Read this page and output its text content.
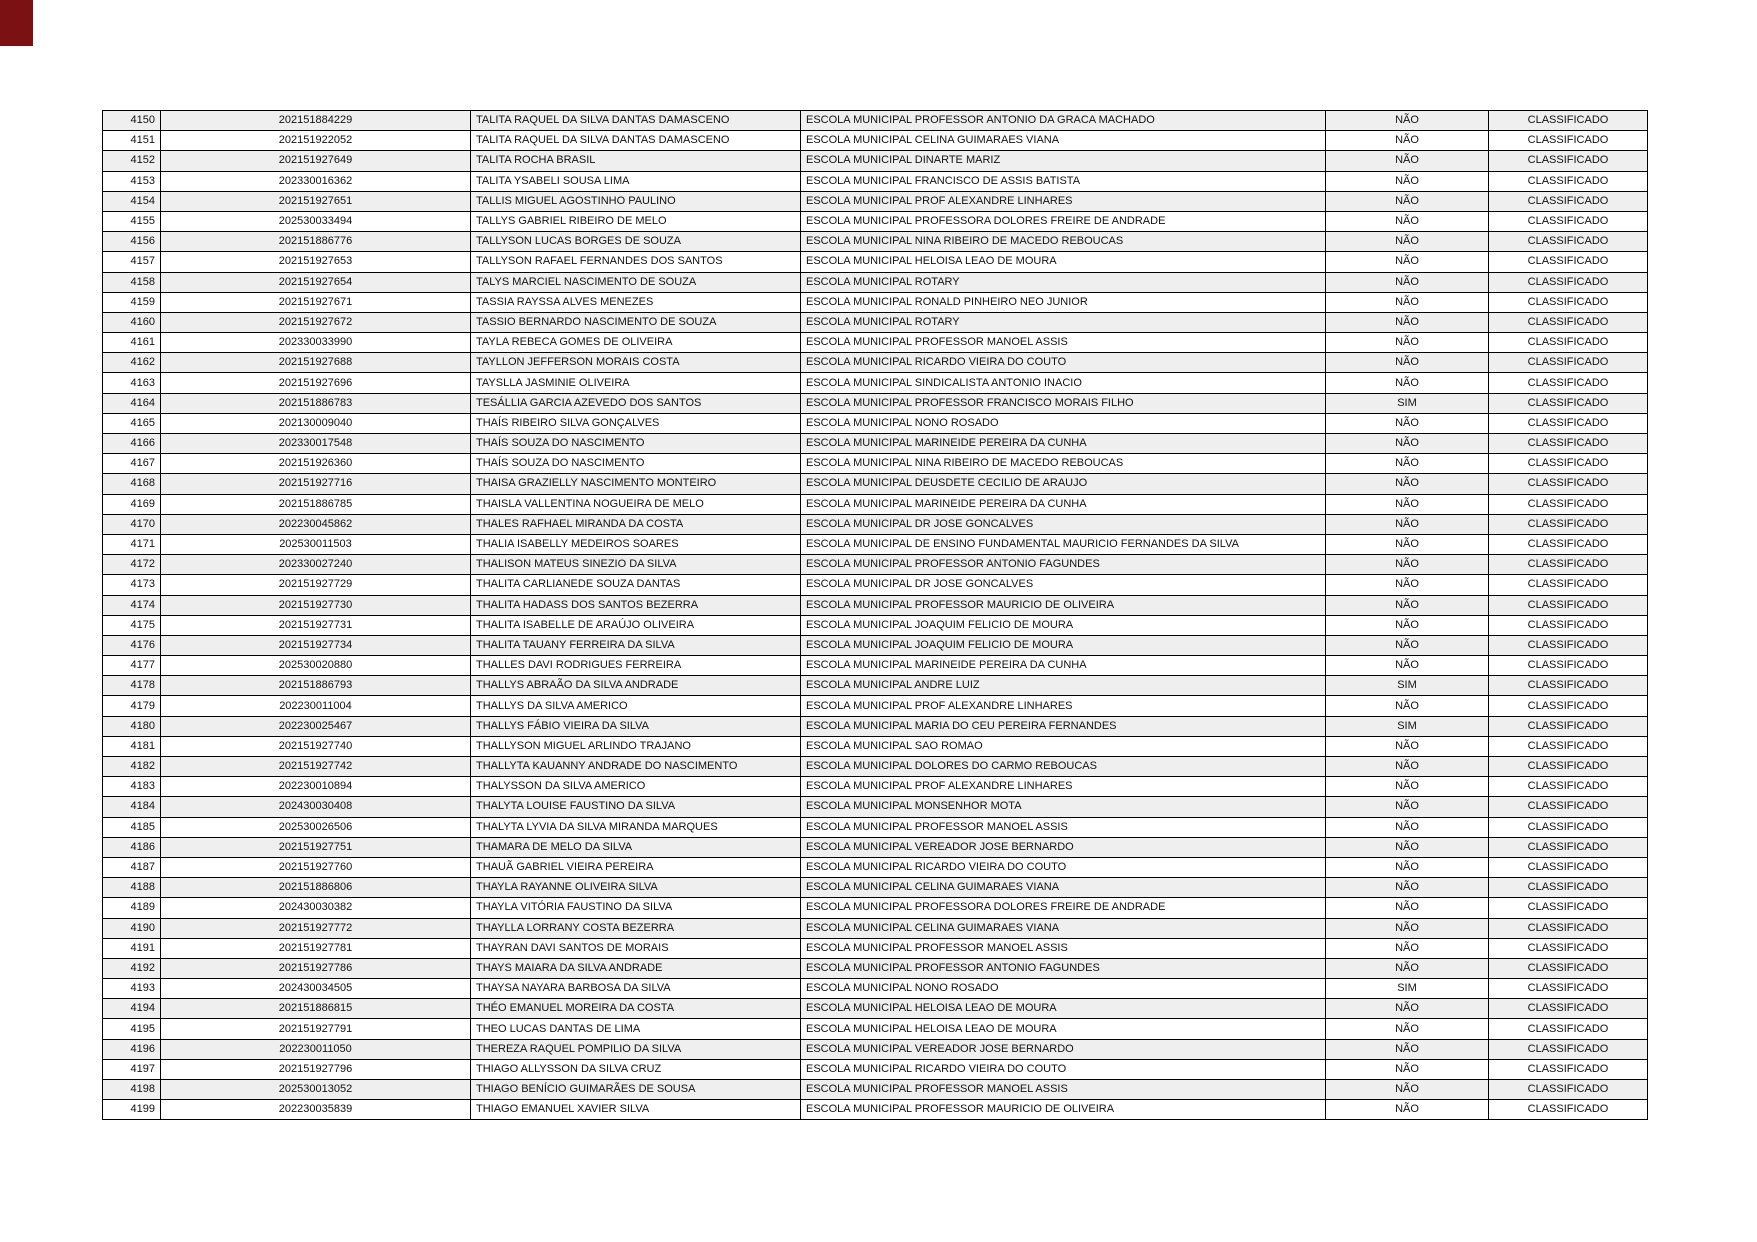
4150	202151884229	TALITA RAQUEL DA SILVA DANTAS DAMASCENO	ESCOLA MUNICIPAL PROFESSOR ANTONIO DA GRACA MACHADO	NÃO	CLASSIFICADO
4151	202151922052	TALITA RAQUEL DA SILVA DANTAS DAMASCENO	ESCOLA MUNICIPAL CELINA GUIMARAES VIANA	NÃO	CLASSIFICADO
4152	202151927649	TALITA ROCHA BRASIL	ESCOLA MUNICIPAL DINARTE MARIZ	NÃO	CLASSIFICADO
4153	202330016362	TALITA YSABELI SOUSA LIMA	ESCOLA MUNICIPAL FRANCISCO DE ASSIS BATISTA	NÃO	CLASSIFICADO
4154	202151927651	TALLIS MIGUEL AGOSTINHO PAULINO	ESCOLA MUNICIPAL PROF ALEXANDRE LINHARES	NÃO	CLASSIFICADO
4155	202530033494	TALLYS GABRIEL RIBEIRO DE MELO	ESCOLA MUNICIPAL PROFESSORA DOLORES FREIRE DE ANDRADE	NÃO	CLASSIFICADO
4156	202151886776	TALLYSON LUCAS BORGES DE SOUZA	ESCOLA MUNICIPAL NINA RIBEIRO DE MACEDO REBOUCAS	NÃO	CLASSIFICADO
4157	202151927653	TALLYSON RAFAEL FERNANDES DOS SANTOS	ESCOLA MUNICIPAL HELOISA LEAO DE MOURA	NÃO	CLASSIFICADO
4158	202151927654	TALYS MARCIEL NASCIMENTO DE SOUZA	ESCOLA MUNICIPAL ROTARY	NÃO	CLASSIFICADO
4159	202151927671	TASSIA RAYSSA ALVES MENEZES	ESCOLA MUNICIPAL RONALD PINHEIRO NEO JUNIOR	NÃO	CLASSIFICADO
4160	202151927672	TASSIO BERNARDO NASCIMENTO DE SOUZA	ESCOLA MUNICIPAL ROTARY	NÃO	CLASSIFICADO
4161	202330033990	TAYLA REBECA GOMES DE OLIVEIRA	ESCOLA MUNICIPAL PROFESSOR MANOEL ASSIS	NÃO	CLASSIFICADO
4162	202151927688	TAYLLON JEFFERSON MORAIS COSTA	ESCOLA MUNICIPAL RICARDO VIEIRA DO COUTO	NÃO	CLASSIFICADO
4163	202151927696	TAYSLLA JASMINIE OLIVEIRA	ESCOLA MUNICIPAL SINDICALISTA ANTONIO INACIO	NÃO	CLASSIFICADO
4164	202151886783	TESÁLLIA GARCIA AZEVEDO DOS SANTOS	ESCOLA MUNICIPAL PROFESSOR FRANCISCO MORAIS FILHO	SIM	CLASSIFICADO
4165	202130009040	THAÍS RIBEIRO SILVA GONÇALVES	ESCOLA MUNICIPAL NONO ROSADO	NÃO	CLASSIFICADO
4166	202330017548	THAÍS SOUZA DO NASCIMENTO	ESCOLA MUNICIPAL MARINEIDE PEREIRA DA CUNHA	NÃO	CLASSIFICADO
4167	202151926360	THAÍS SOUZA DO NASCIMENTO	ESCOLA MUNICIPAL NINA RIBEIRO DE MACEDO REBOUCAS	NÃO	CLASSIFICADO
4168	202151927716	THAISA GRAZIELLY NASCIMENTO MONTEIRO	ESCOLA MUNICIPAL DEUSDETE CECILIO DE ARAUJO	NÃO	CLASSIFICADO
4169	202151886785	THAISLA VALLENTINA NOGUEIRA DE MELO	ESCOLA MUNICIPAL MARINEIDE PEREIRA DA CUNHA	NÃO	CLASSIFICADO
4170	202230045862	THALES RAFHAEL MIRANDA DA COSTA	ESCOLA MUNICIPAL DR JOSE GONCALVES	NÃO	CLASSIFICADO
4171	202530011503	THALIA ISABELLY MEDEIROS SOARES	ESCOLA MUNICIPAL DE ENSINO FUNDAMENTAL MAURICIO FERNANDES DA SILVA	NÃO	CLASSIFICADO
4172	202330027240	THALISON MATEUS SINEZIO DA SILVA	ESCOLA MUNICIPAL PROFESSOR ANTONIO FAGUNDES	NÃO	CLASSIFICADO
4173	202151927729	THALITA CARLIANEDE SOUZA DANTAS	ESCOLA MUNICIPAL DR JOSE GONCALVES	NÃO	CLASSIFICADO
4174	202151927730	THALITA HADASS DOS SANTOS BEZERRA	ESCOLA MUNICIPAL PROFESSOR MAURICIO DE OLIVEIRA	NÃO	CLASSIFICADO
4175	202151927731	THALITA ISABELLE DE ARAÚJO OLIVEIRA	ESCOLA MUNICIPAL JOAQUIM FELICIO DE MOURA	NÃO	CLASSIFICADO
4176	202151927734	THALITA TAUANY FERREIRA DA SILVA	ESCOLA MUNICIPAL JOAQUIM FELICIO DE MOURA	NÃO	CLASSIFICADO
4177	202530020880	THALLES DAVI RODRIGUES FERREIRA	ESCOLA MUNICIPAL MARINEIDE PEREIRA DA CUNHA	NÃO	CLASSIFICADO
4178	202151886793	THALLYS ABRAÃO DA SILVA ANDRADE	ESCOLA MUNICIPAL ANDRE LUIZ	SIM	CLASSIFICADO
4179	202230011004	THALLYS DA SILVA AMERICO	ESCOLA MUNICIPAL PROF ALEXANDRE LINHARES	NÃO	CLASSIFICADO
4180	202230025467	THALLYS FÁBIO VIEIRA DA SILVA	ESCOLA MUNICIPAL MARIA DO CEU PEREIRA FERNANDES	SIM	CLASSIFICADO
4181	202151927740	THALLYSON MIGUEL ARLINDO TRAJANO	ESCOLA MUNICIPAL SAO ROMAO	NÃO	CLASSIFICADO
4182	202151927742	THALLYTA KAUANNY ANDRADE DO NASCIMENTO	ESCOLA MUNICIPAL DOLORES DO CARMO REBOUCAS	NÃO	CLASSIFICADO
4183	202230010894	THALYSSON DA SILVA AMERICO	ESCOLA MUNICIPAL PROF ALEXANDRE LINHARES	NÃO	CLASSIFICADO
4184	202430030408	THALYTA LOUISE FAUSTINO DA SILVA	ESCOLA MUNICIPAL MONSENHOR MOTA	NÃO	CLASSIFICADO
4185	202530026506	THALYTA LYVIA DA SILVA MIRANDA MARQUES	ESCOLA MUNICIPAL PROFESSOR MANOEL ASSIS	NÃO	CLASSIFICADO
4186	202151927751	THAMARA DE MELO DA SILVA	ESCOLA MUNICIPAL VEREADOR JOSE BERNARDO	NÃO	CLASSIFICADO
4187	202151927760	THAUÃ GABRIEL VIEIRA PEREIRA	ESCOLA MUNICIPAL RICARDO VIEIRA DO COUTO	NÃO	CLASSIFICADO
4188	202151886806	THAYLA RAYANNE OLIVEIRA SILVA	ESCOLA MUNICIPAL CELINA GUIMARAES VIANA	NÃO	CLASSIFICADO
4189	202430030382	THAYLA VITÓRIA FAUSTINO DA SILVA	ESCOLA MUNICIPAL PROFESSORA DOLORES FREIRE DE ANDRADE	NÃO	CLASSIFICADO
4190	202151927772	THAYLLA LORRANY COSTA BEZERRA	ESCOLA MUNICIPAL CELINA GUIMARAES VIANA	NÃO	CLASSIFICADO
4191	202151927781	THAYRAN DAVI SANTOS DE MORAIS	ESCOLA MUNICIPAL PROFESSOR MANOEL ASSIS	NÃO	CLASSIFICADO
4192	202151927786	THAYS MAIARA DA SILVA ANDRADE	ESCOLA MUNICIPAL PROFESSOR ANTONIO FAGUNDES	NÃO	CLASSIFICADO
4193	202430034505	THAYSA NAYARA BARBOSA DA SILVA	ESCOLA MUNICIPAL NONO ROSADO	SIM	CLASSIFICADO
4194	202151886815	THÉO EMANUEL MOREIRA DA COSTA	ESCOLA MUNICIPAL HELOISA LEAO DE MOURA	NÃO	CLASSIFICADO
4195	202151927791	THEO LUCAS DANTAS DE LIMA	ESCOLA MUNICIPAL HELOISA LEAO DE MOURA	NÃO	CLASSIFICADO
4196	202230011050	THEREZA RAQUEL POMPILIO DA SILVA	ESCOLA MUNICIPAL VEREADOR JOSE BERNARDO	NÃO	CLASSIFICADO
4197	202151927796	THIAGO ALLYSSON DA SILVA CRUZ	ESCOLA MUNICIPAL RICARDO VIEIRA DO COUTO	NÃO	CLASSIFICADO
4198	202530013052	THIAGO BENÍCIO GUIMARÃES DE SOUSA	ESCOLA MUNICIPAL PROFESSOR MANOEL ASSIS	NÃO	CLASSIFICADO
4199	202230035839	THIAGO EMANUEL XAVIER SILVA	ESCOLA MUNICIPAL PROFESSOR MAURICIO DE OLIVEIRA	NÃO	CLASSIFICADO
